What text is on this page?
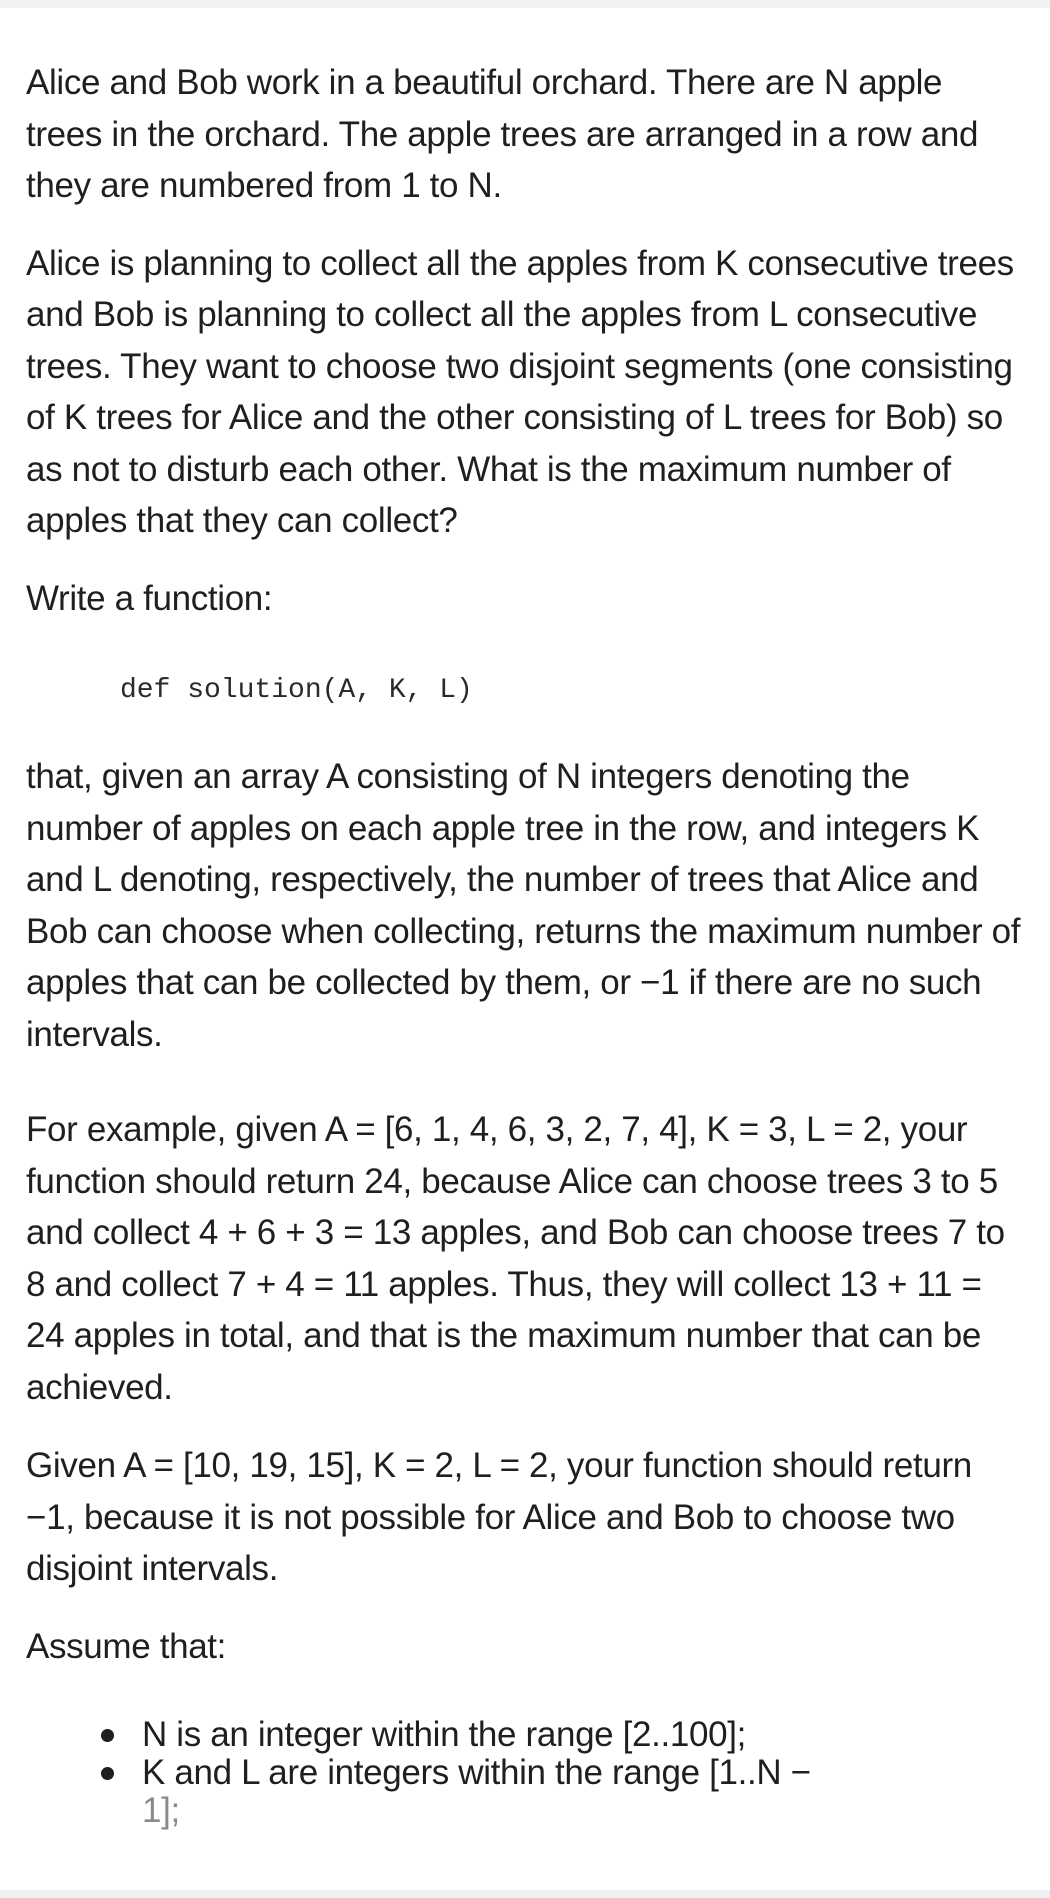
Alice and Bob work in a beautiful orchard. There are N apple trees in the orchard. The apple trees are arranged in a row and they are numbered from 1 to N.

Alice is planning to collect all the apples from K consecutive trees and Bob is planning to collect all the apples from L consecutive trees. They want to choose two disjoint segments (one consisting of K trees for Alice and the other consisting of L trees for Bob) so as not to disturb each other. What is the maximum number of apples that they can collect?

Write a function:

def solution(A, K, L)

that, given an array A consisting of N integers denoting the number of apples on each apple tree in the row, and integers K and L denoting, respectively, the number of trees that Alice and Bob can choose when collecting, returns the maximum number of apples that can be collected by them, or −1 if there are no such intervals.

For example, given A = [6, 1, 4, 6, 3, 2, 7, 4], K = 3, L = 2, your function should return 24, because Alice can choose trees 3 to 5 and collect 4 + 6 + 3 = 13 apples, and Bob can choose trees 7 to 8 and collect 7 + 4 = 11 apples. Thus, they will collect 13 + 11 = 24 apples in total, and that is the maximum number that can be achieved.

Given A = [10, 19, 15], K = 2, L = 2, your function should return −1, because it is not possible for Alice and Bob to choose two disjoint intervals.

Assume that:

N is an integer within the range [2..100];
K and L are integers within the range [1..N −
1];
